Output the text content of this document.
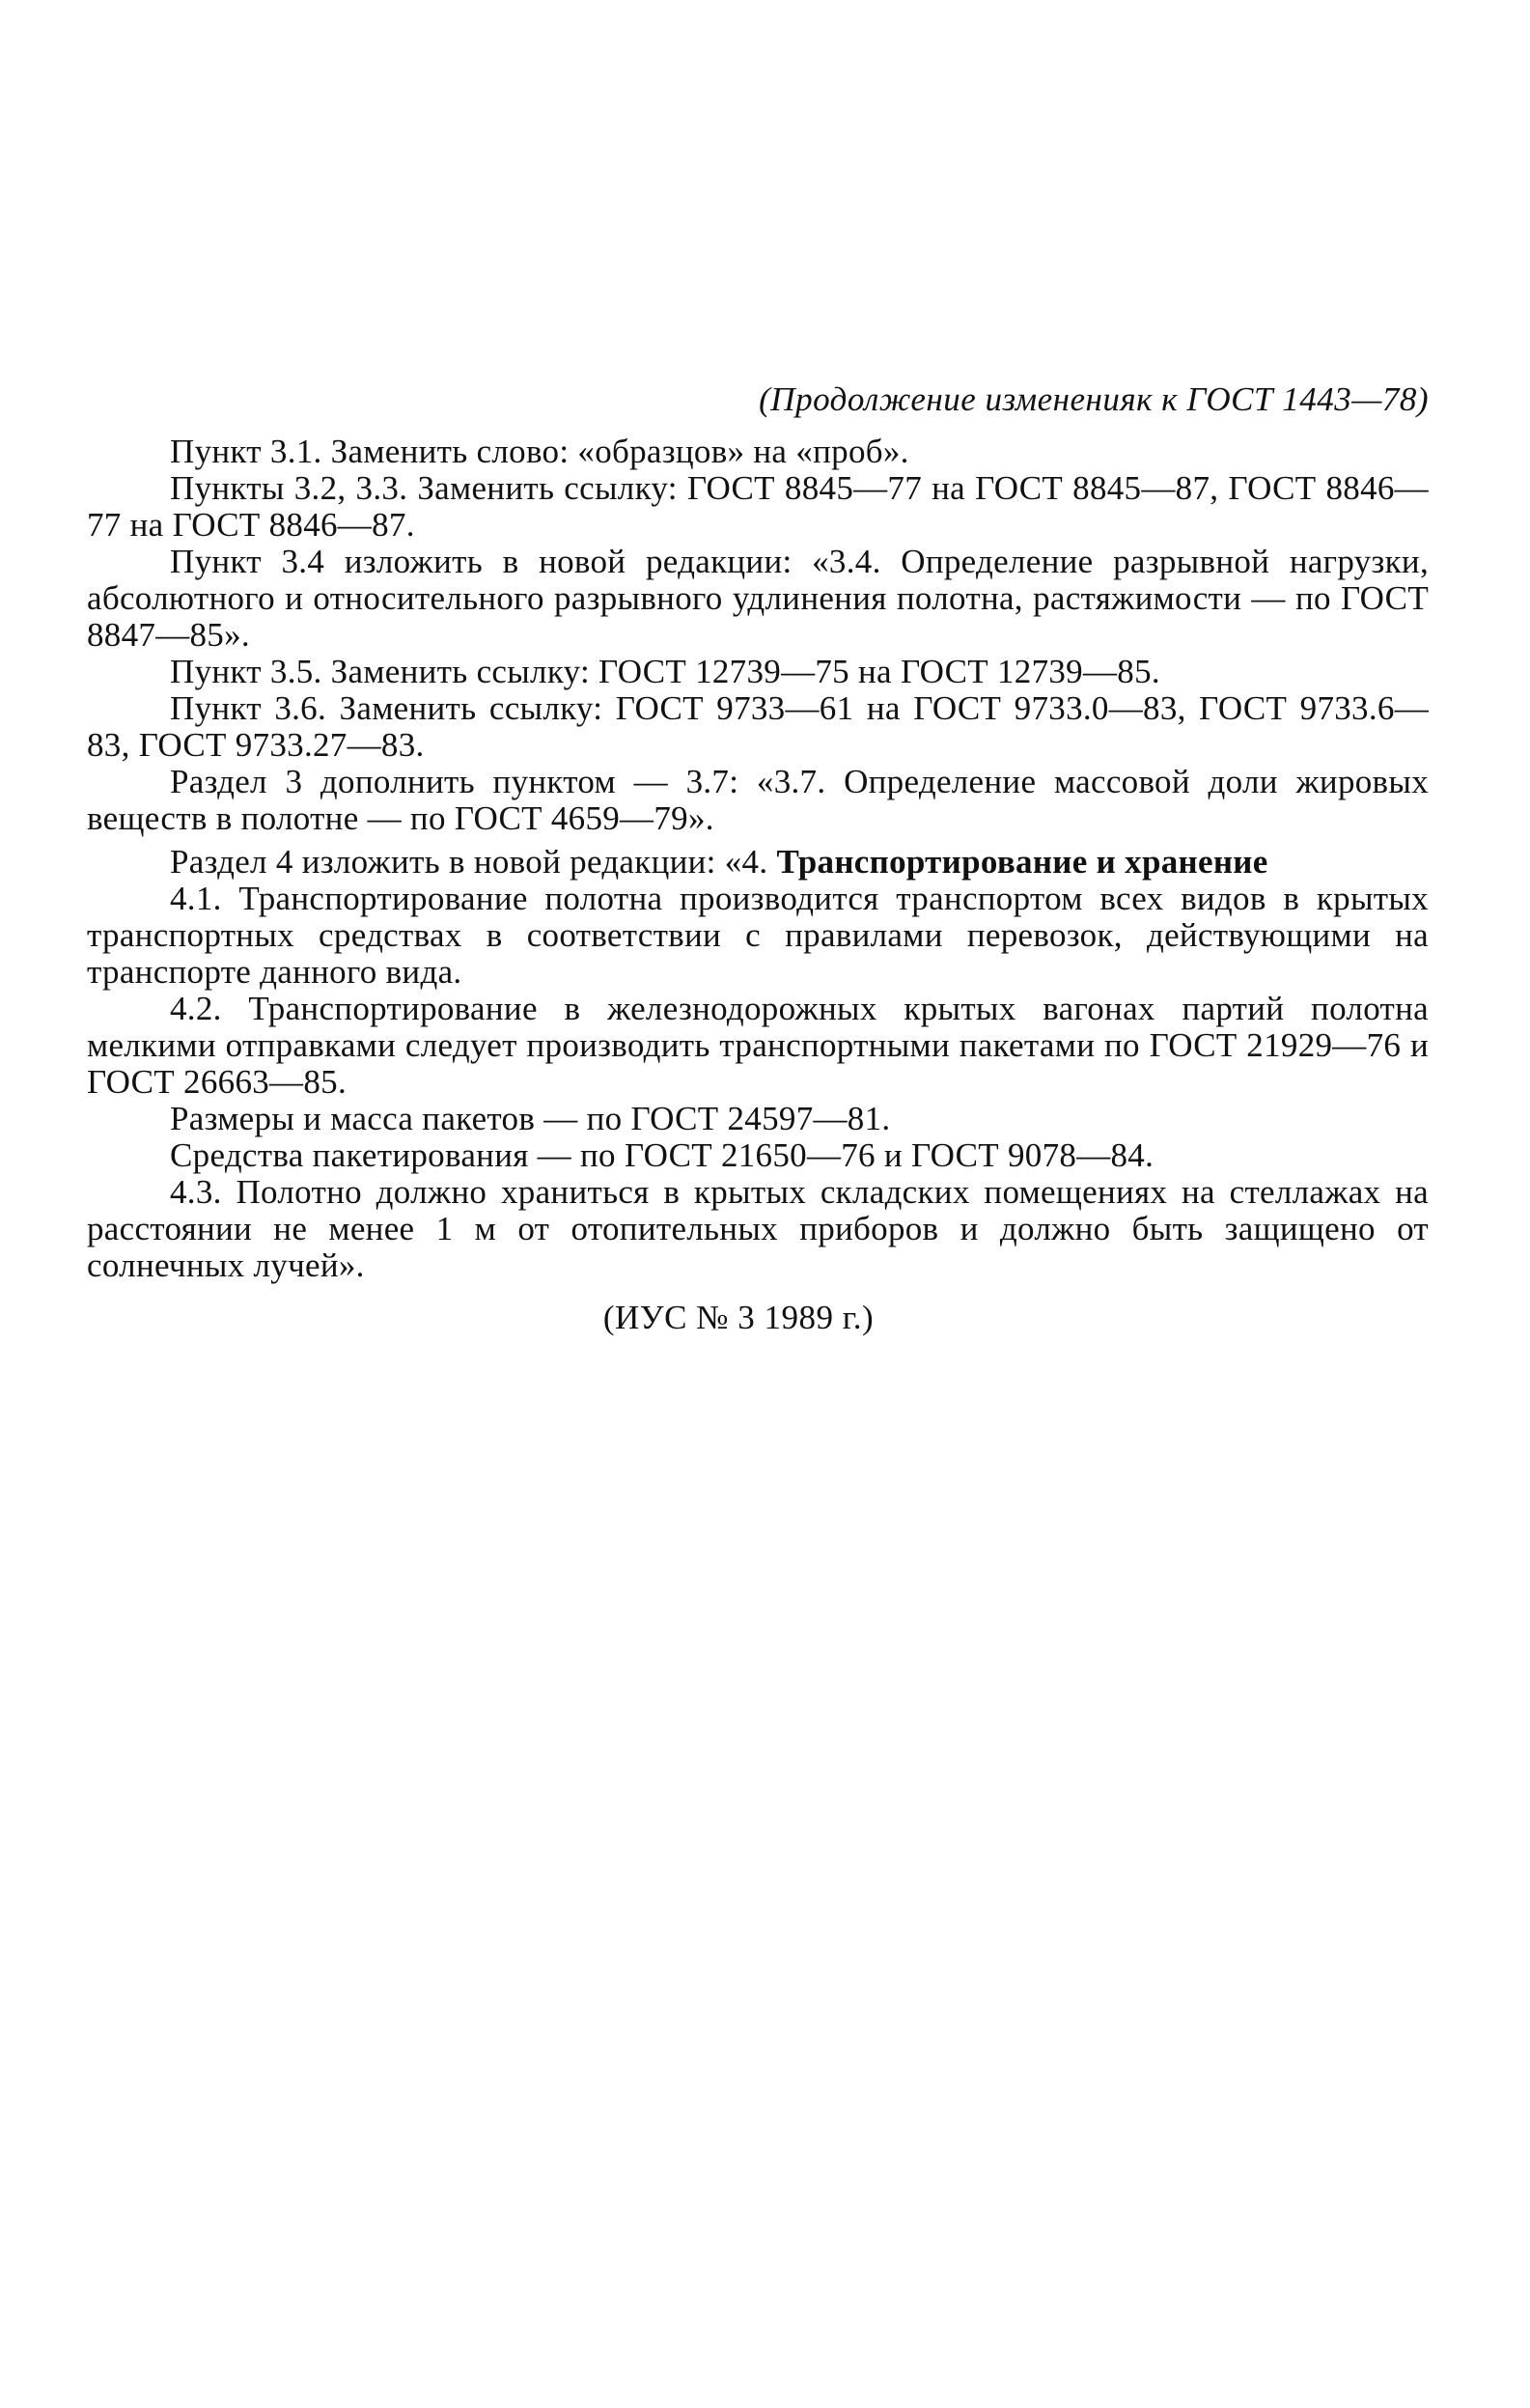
(Продолжение измененияк к ГОСТ 1443—78)

Пункт 3.1. Заменить слово: «образцов» на «проб».

Пункты 3.2, 3.3. Заменить ссылку: ГОСТ 8845—77 на ГОСТ 8845—87, ГОСТ 8846—77 на ГОСТ 8846—87.

Пункт 3.4 изложить в новой редакции: «3.4. Определение разрывной нагрузки, абсолютного и относительного разрывного удлинения полотна, растяжимости — по ГОСТ 8847—85».

Пункт 3.5. Заменить ссылку: ГОСТ 12739—75 на ГОСТ 12739—85.

Пункт 3.6. Заменить ссылку: ГОСТ 9733—61 на ГОСТ 9733.0—83, ГОСТ 9733.6—83, ГОСТ 9733.27—83.

Раздел 3 дополнить пунктом — 3.7: «3.7. Определение массовой доли жировых веществ в полотне — по ГОСТ 4659—79».

Раздел 4 изложить в новой редакции: «4. Транспортирование и хранение

4.1. Транспортирование полотна производится транспортом всех видов в крытых транспортных средствах в соответствии с правилами перевозок, действующими на транспорте данного вида.

4.2. Транспортирование в железнодорожных крытых вагонах партий полотна мелкими отправками следует производить транспортными пакетами по ГОСТ 21929—76 и ГОСТ 26663—85.

Размеры и масса пакетов — по ГОСТ 24597—81.

Средства пакетирования — по ГОСТ 21650—76 и ГОСТ 9078—84.

4.3. Полотно должно храниться в крытых складских помещениях на стеллажах на расстоянии не менее 1 м от отопительных приборов и должно быть защищено от солнечных лучей».

(ИУС № 3 1989 г.)
